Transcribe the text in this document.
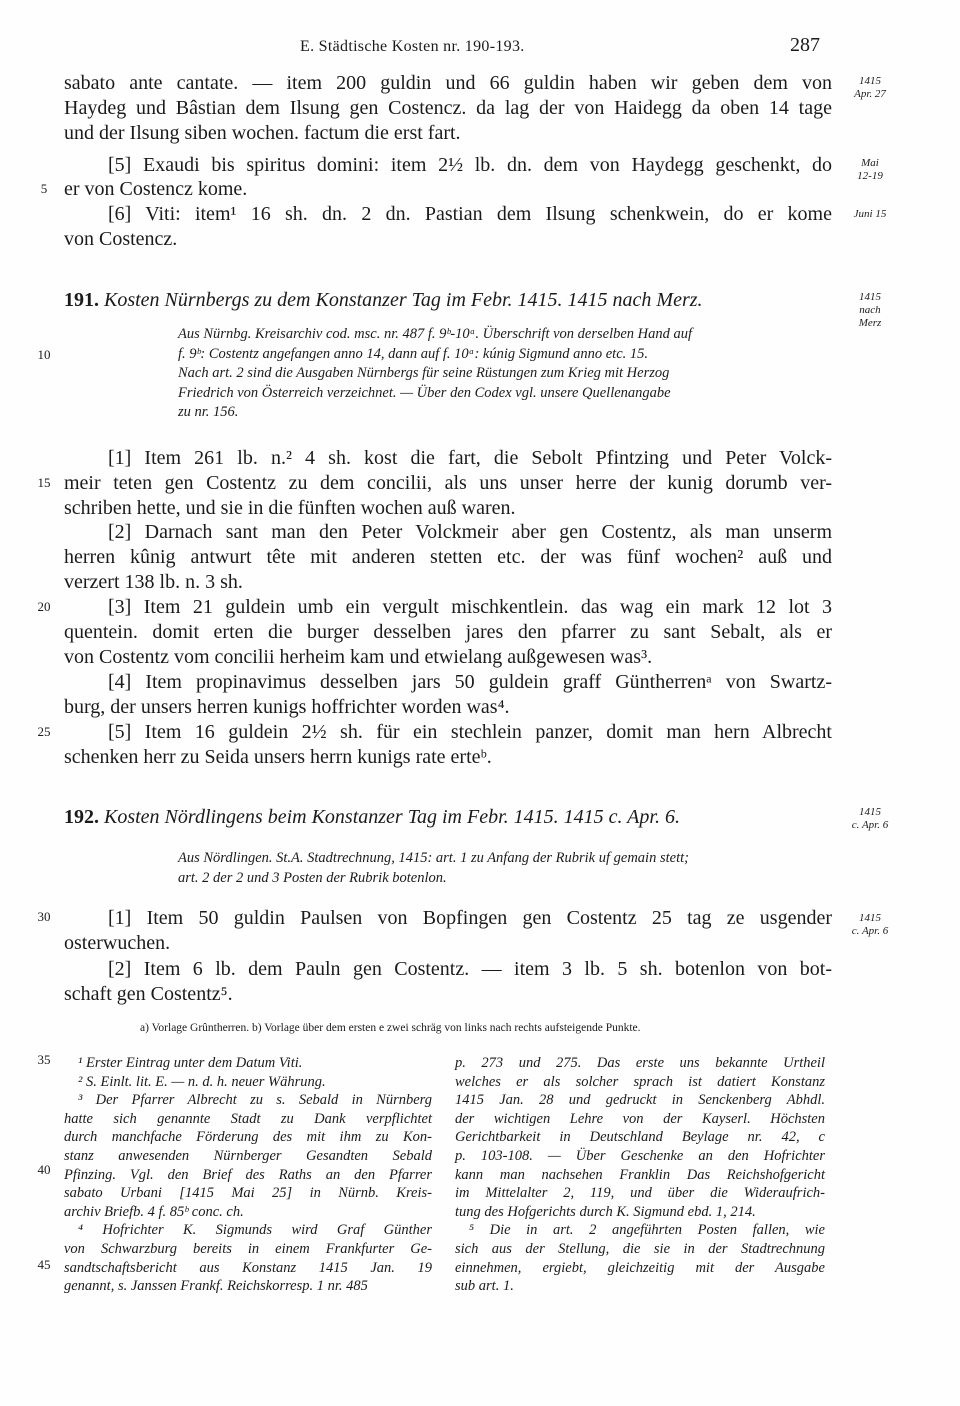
E. Städtische Kosten nr. 190-193.	287
sabato ante cantate. — item 200 guldin und 66 guldin haben wir geben dem von
Haydeg und Bâstian dem Ilsung gen Costencz. da lag der von Haidegg da oben 14 tage
und der Ilsung siben wochen. factum die erst fart.
[5] Exaudi bis spiritus domini: item 2½ lb. dn. dem von Haydegg geschenkt, do
er von Costencz kome.
[6] Viti: item¹ 16 sh. dn. 2 dn. Pastian dem Ilsung schenkwein, do er kome
von Costencz.
[1] Item 261 lb. n.² 4 sh. kost die fart, die Sebolt Pfintzing und Peter Volck-
meir teten gen Costentz zu dem concilii, als uns unser herre der kunig dorumb ver-
schriben hette, und sie in die fünften wochen auß waren.
[2] Darnach sant man den Peter Volckmeir aber gen Costentz, als man unserm
herren kûnig antwurt têtе mit anderen stetten etc. der was fünf wochen² auß und
verzert 138 lb. n. 3 sh.
[3] Item 21 guldein umb ein vergult mischkentlein. das wag ein mark 12 lot 3
quentein. domit erten die burger desselben jares den pfarrer zu sant Sebalt, als er
von Costentz vom concilii herheim kam und etwielang außgewesen was³.
[4] Item propinavimus desselben jars 50 guldein graff Güntherrenᵃ von Swartz-
burg, der unsers herren kunigs hoffrichter worden was⁴.
[5] Item 16 guldein 2½ sh. für ein stechlein panzer, domit man hern Albrecht
schenken herr zu Seida unsers herrn kunigs rate erteᵇ.
[1] Item 50 guldin Paulsen von Bopfingen gen Costentz 25 tag ze usgender
osterwuchen.
[2] Item 6 lb. dem Pauln gen Costentz. — item 3 lb. 5 sh. botenlon von bot-
schaft gen Costentz⁵.
191. Kosten Nürnbergs zu dem Konstanzer Tag im Febr. 1415. 1415 nach Merz.
Aus Nürnbg. Kreisarchiv cod. msc. nr. 487 f. 9ᵇ-10ᵃ. Überschrift von derselben Hand auf
f. 9ᵇ: Costentz angefangen anno 14, dann auf f. 10ᵃ: kúnig Sigmund anno etc. 15.
Nach art. 2 sind die Ausgaben Nürnbergs für seine Rüstungen zum Krieg mit Herzog
Friedrich von Österreich verzeichnet. — Über den Codex vgl. unsere Quellenangabe
zu nr. 156.
192. Kosten Nördlingens beim Konstanzer Tag im Febr. 1415. 1415 c. Apr. 6.
Aus Nördlingen. St.A. Stadtrechnung, 1415: art. 1 zu Anfang der Rubrik uf gemain stett;
art. 2 der 2 und 3 Posten der Rubrik botenlon.
5
10
15
20
25
30
35
40
45
1415
Apr. 27
Mai
12-19
Juni 15
1415
nach
Merz
1415
c. Apr. 6
1415
c. Apr. 6
a) Vorlage Grûntherren. b) Vorlage über dem ersten e zwei schräg von links nach rechts aufsteigende Punkte.
¹ Erster Eintrag unter dem Datum Viti.
² S. Einlt. lit. E. — n. d. h. neuer Währung.
³ Der Pfarrer Albrecht zu s. Sebald in Nürnberg
hatte sich genannte Stadt zu Dank verpflichtet
durch manchfache Förderung des mit ihm zu Kon-
stanz anwesenden Nürnberger Gesandten Sebald
Pfinzing. Vgl. den Brief des Raths an den Pfarrer
sabato Urbani [1415 Mai 25] in Nürnb. Kreis-
archiv Briefb. 4 f. 85ᵇ conc. ch.
⁴ Hofrichter K. Sigmunds wird Graf Günther
von Schwarzburg bereits in einem Frankfurter Ge-
sandtschaftsbericht aus Konstanz 1415 Jan. 19
genannt, s. Janssen Frankf. Reichskorresp. 1 nr. 485
p. 273 und 275. Das erste uns bekannte Urtheil
welches er als solcher sprach ist datiert Konstanz
1415 Jan. 28 und gedruckt in Senckenberg Abhdl.
der wichtigen Lehre von der Kayserl. Höchsten
Gerichtbarkeit in Deutschland Beylage nr. 42, c
p. 103-108. — Über Geschenke an den Hofrichter
kann man nachsehen Franklin Das Reichshofgericht
im Mittelalter 2, 119, und über die Wideraufrich-
tung des Hofgerichts durch K. Sigmund ebd. 1, 214.
⁵ Die in art. 2 angeführten Posten fallen, wie
sich aus der Stellung, die sie in der Stadtrechnung
einnehmen, ergiebt, gleichzeitig mit der Ausgabe
sub art. 1.
